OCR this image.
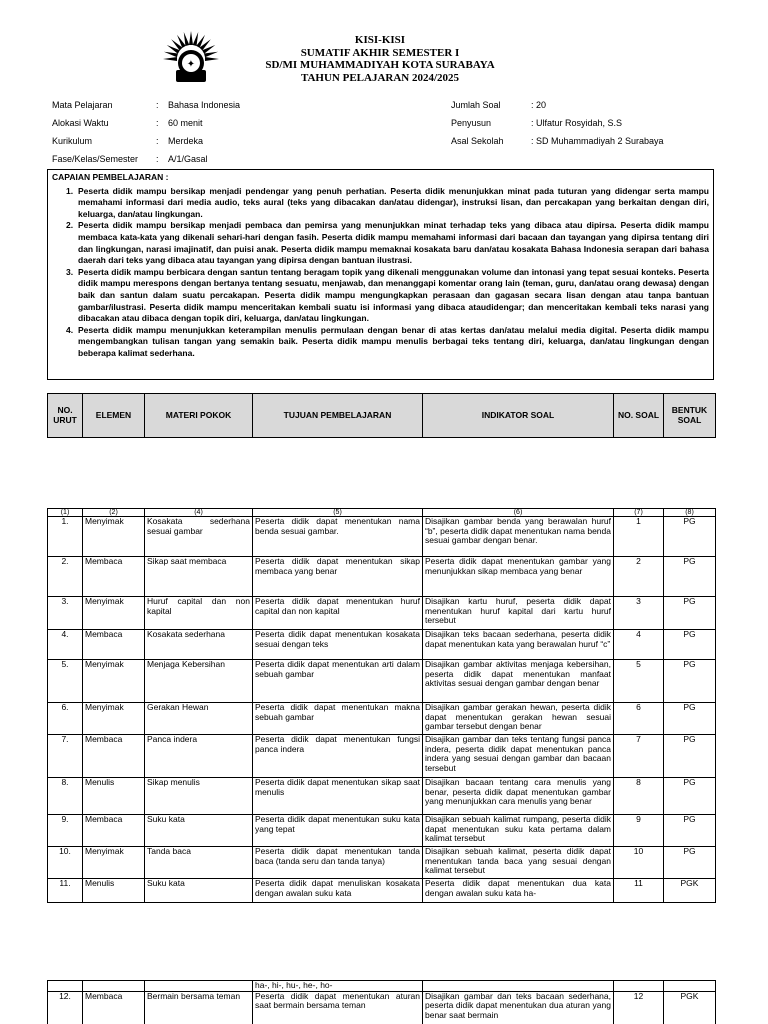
✦
KISI-KISI
SUMATIF AKHIR SEMESTER I
SD/MI MUHAMMADIYAH KOTA SURABAYA
TAHUN PELAJARAN 2024/2025
Mata Pelajaran	:	Bahasa Indonesia
Alokasi Waktu	:	60 menit
Kurikulum	:	Merdeka
Fase/Kelas/Semester	:	A/1/Gasal
Jumlah Soal	: 20
Penyusun	: Ulfatur Rosyidah, S.S
Asal Sekolah	: SD Muhammadiyah 2 Surabaya
CAPAIAN PEMBELAJARAN :
1. Peserta didik mampu bersikap menjadi pendengar yang penuh perhatian. Peserta didik menunjukkan minat pada tuturan yang didengar serta mampu memahami informasi dari media audio, teks aural (teks yang dibacakan dan/atau didengar), instruksi lisan, dan percakapan yang berkaitan dengan diri, keluarga, dan/atau lingkungan.
2. Peserta didik mampu bersikap menjadi pembaca dan pemirsa yang menunjukkan minat terhadap teks yang dibaca atau dipirsa. Peserta didik mampu membaca kata-kata yang dikenali sehari-hari dengan fasih. Peserta didik mampu memahami informasi dari bacaan dan tayangan yang dipirsa tentang diri dan lingkungan, narasi imajinatif, dan puisi anak. Peserta didik mampu memaknai kosakata baru dan/atau kosakata Bahasa Indonesia serapan dari bahasa daerah dari teks yang dibaca atau tayangan yang dipirsa dengan bantuan ilustrasi.
3. Peserta didik mampu berbicara dengan santun tentang beragam topik yang dikenali menggunakan volume dan intonasi yang tepat sesuai konteks. Peserta didik mampu merespons dengan bertanya tentang sesuatu, menjawab, dan menanggapi komentar orang lain (teman, guru, dan/atau orang dewasa) dengan baik dan santun dalam suatu percakapan. Peserta didik mampu mengungkapkan perasaan dan gagasan secara lisan dengan atau tanpa bantuan gambar/ilustrasi. Peserta didik mampu menceritakan kembali suatu isi informasi yang dibaca ataudidengar; dan menceritakan kembali teks narasi yang dibacakan atau dibaca dengan topik diri, keluarga, dan/atau lingkungan.
4. Peserta didik mampu menunjukkan keterampilan menulis permulaan dengan benar di atas kertas dan/atau melalui media digital. Peserta didik mampu mengembangkan tulisan tangan yang semakin baik. Peserta didik mampu menulis berbagai teks tentang diri, keluarga, dan/atau lingkungan dengan beberapa kalimat sederhana.
NO. URUT	ELEMEN	MATERI POKOK	TUJUAN PEMBELAJARAN	INDIKATOR SOAL	NO. SOAL	BENTUK SOAL
(1)	(2)	(4)	(5)	(6)	(7)	(8)
1.	Menyimak	Kosakata sederhana sesuai gambar	Peserta didik dapat menentukan nama benda sesuai gambar.	Disajikan gambar benda yang berawalan huruf “b”, peserta didik dapat menentukan nama benda sesuai gambar dengan benar.	1	PG
2.	Membaca	Sikap saat membaca	Peserta didik dapat menentukan sikap membaca yang benar	Peserta didik dapat menentukan gambar yang menunjukkan sikap membaca yang benar	2	PG
3.	Menyimak	Huruf capital dan non kapital	Peserta didik dapat menentukan huruf capital dan non kapital	Disajikan kartu huruf, peserta didik dapat menentukan huruf kapital dari kartu huruf tersebut	3	PG
4.	Membaca	Kosakata sederhana	Peserta didik dapat menentukan kosakata sesuai dengan teks	Disajikan teks bacaan sederhana, peserta didik dapat menentukan kata yang berawalan huruf “c”	4	PG
5.	Menyimak	Menjaga Kebersihan	Peserta didik dapat menentukan arti dalam sebuah gambar	Disajikan gambar aktivitas menjaga kebersihan, peserta didik dapat menentukan manfaat aktivitas sesuai dengan gambar dengan benar	5	PG
6.	Menyimak	Gerakan Hewan	Peserta didik dapat menentukan makna sebuah gambar	Disajikan gambar gerakan hewan, peserta didik dapat menentukan gerakan hewan sesuai gambar tersebut dengan benar	6	PG
7.	Membaca	Panca indera	Peserta didik dapat menentukan fungsi panca indera	Disajikan gambar dan teks tentang fungsi panca indera, peserta didik dapat menentukan panca indera yang sesuai dengan gambar dan bacaan tersebut	7	PG
8.	Menulis	Sikap menulis	Peserta didik dapat menentukan sikap saat menulis	Disajikan bacaan tentang cara menulis yang benar, peserta didik dapat menentukan gambar yang menunjukkan cara menulis yang benar	8	PG
9.	Membaca	Suku kata	Peserta didik dapat menentukan suku kata yang tepat	Disajikan sebuah kalimat rumpang, peserta didik dapat menentukan suku kata pertama dalam kalimat tersebut	9	PG
10.	Menyimak	Tanda baca	Peserta didik dapat menentukan tanda baca (tanda seru dan tanda tanya)	Disajikan sebuah kalimat, peserta didik dapat menentukan tanda baca yang sesuai dengan kalimat tersebut	10	PG
11.	Menulis	Suku kata	Peserta didik dapat menuliskan kosakata dengan awalan suku kata	Peserta didik dapat menentukan dua kata dengan awalan suku kata ha-	11	PGK
			ha-, hi-, hu-, he-, ho-			
12.	Membaca	Bermain bersama teman	Peserta didik dapat menentukan aturan saat bermain bersama teman	Disajikan gambar dan teks bacaan sederhana, peserta didik dapat menentukan dua aturan yang benar saat bermain	12	PGK
